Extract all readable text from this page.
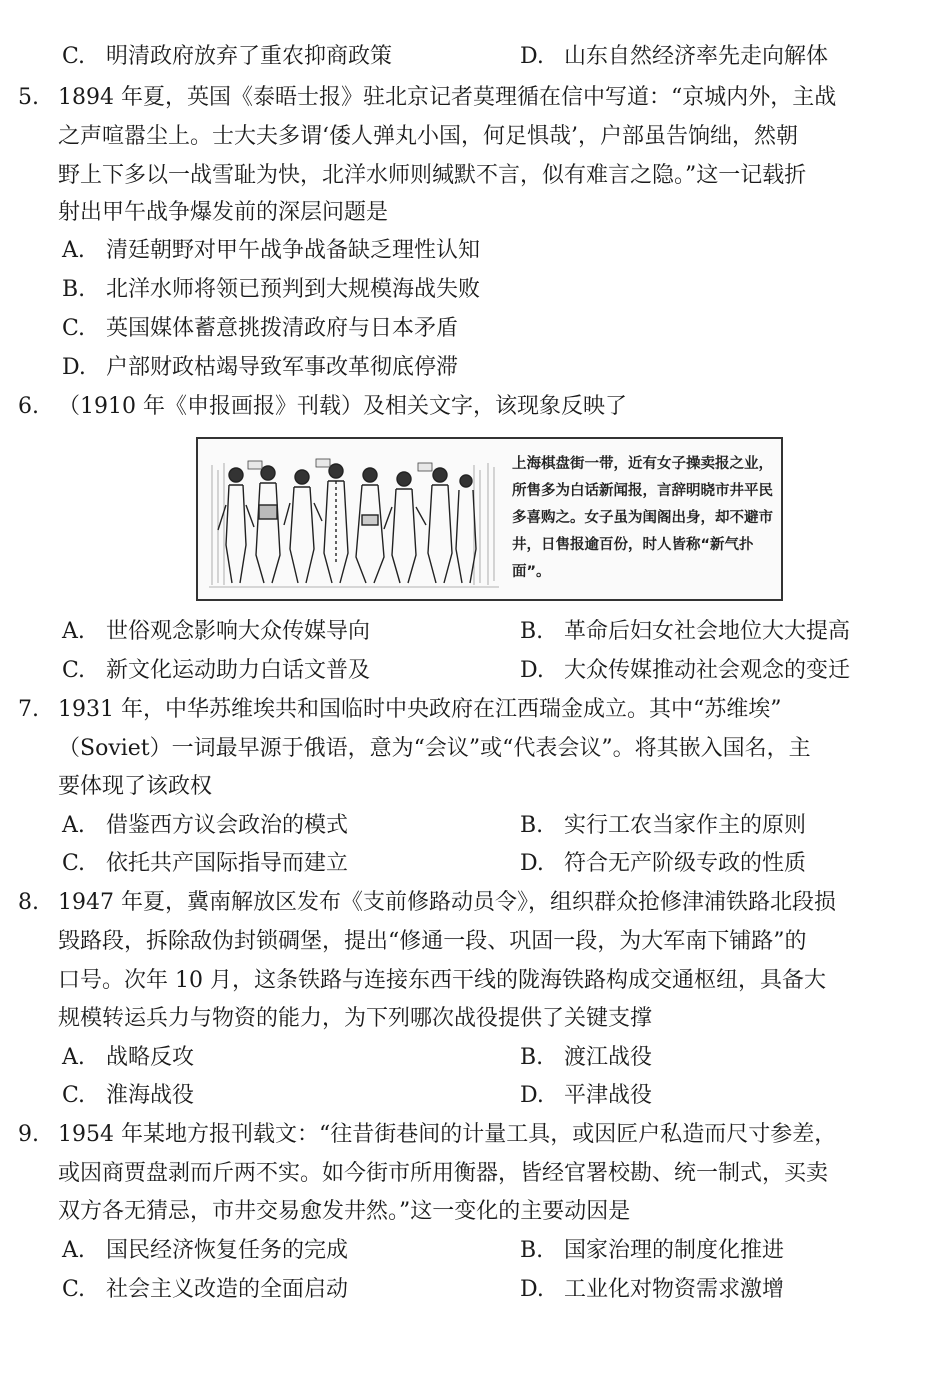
C. 明清政府放弃了重农抑商政策	D. 山东自然经济率先走向解体
5. 1894 年夏，英国《泰晤士报》驻北京记者莫理循在信中写道：“京城内外，主战
之声喧嚣尘上。士大夫多谓‘倭人弹丸小国，何足惧哉’，户部虽告饷绌，然朝
野上下多以一战雪耻为快，北洋水师则缄默不言，似有难言之隐。”这一记载折
射出甲午战争爆发前的深层问题是
A. 清廷朝野对甲午战争战备缺乏理性认知
B. 北洋水师将领已预判到大规模海战失败
C. 英国媒体蓄意挑拨清政府与日本矛盾
D. 户部财政枯竭导致军事改革彻底停滞
6. （1910 年《申报画报》刊载）及相关文字，该现象反映了
上海棋盘街一带，近有女子操卖报之业，所售多为白话新闻报，言辞明晓市井平民多喜购之。女子虽为闺阁出身，却不避市井，日售报逾百份，时人皆称“新气扑面”。
A. 世俗观念影响大众传媒导向	B. 革命后妇女社会地位大大提高
C. 新文化运动助力白话文普及	D. 大众传媒推动社会观念的变迁
7. 1931 年，中华苏维埃共和国临时中央政府在江西瑞金成立。其中“苏维埃”
（Soviet）一词最早源于俄语，意为“会议”或“代表会议”。将其嵌入国名，主
要体现了该政权
A. 借鉴西方议会政治的模式	B. 实行工农当家作主的原则
C. 依托共产国际指导而建立	D. 符合无产阶级专政的性质
8. 1947 年夏，冀南解放区发布《支前修路动员令》，组织群众抢修津浦铁路北段损
毁路段，拆除敌伪封锁碉堡，提出“修通一段、巩固一段，为大军南下铺路”的
口号。次年 10 月，这条铁路与连接东西干线的陇海铁路构成交通枢纽，具备大
规模转运兵力与物资的能力，为下列哪次战役提供了关键支撑
A. 战略反攻	B. 渡江战役
C. 淮海战役	D. 平津战役
9. 1954 年某地方报刊载文：“往昔街巷间的计量工具，或因匠户私造而尺寸参差，
或因商贾盘剥而斤两不实。如今街市所用衡器，皆经官署校勘、统一制式，买卖
双方各无猜忌，市井交易愈发井然。”这一变化的主要动因是
A. 国民经济恢复任务的完成	B. 国家治理的制度化推进
C. 社会主义改造的全面启动	D. 工业化对物资需求激增
